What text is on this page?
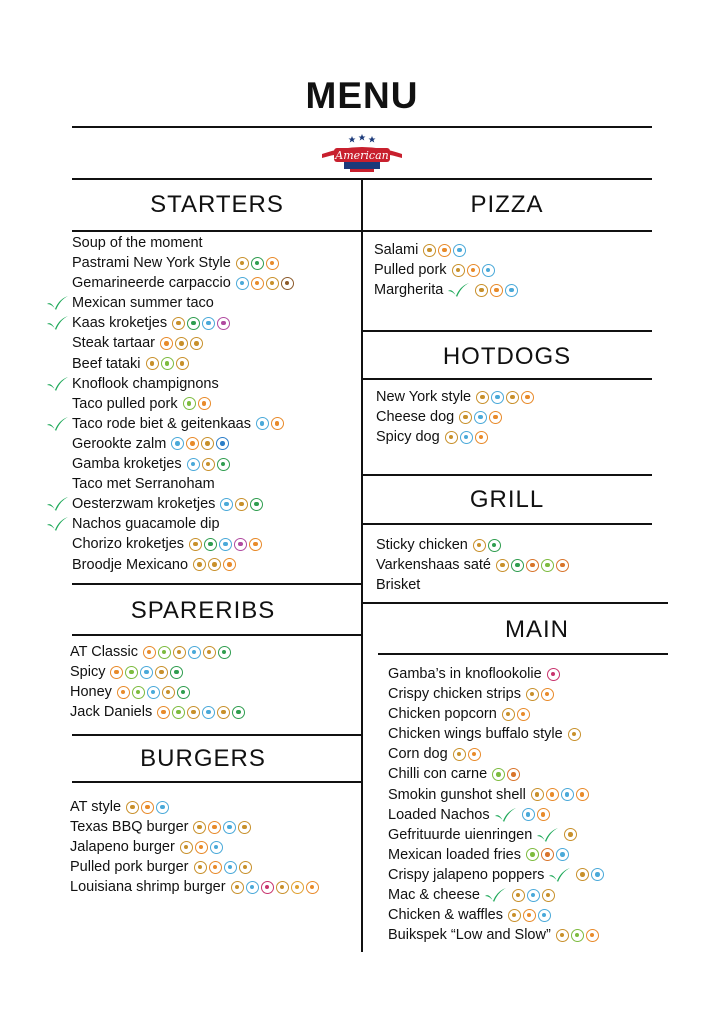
MENU
American
STARTERS
Soup of the moment
Pastrami New York Style
Gemarineerde carpaccio
Mexican summer taco
Kaas kroketjes
Steak tartaar
Beef tataki
Knoflook champignons
Taco pulled pork
Taco rode biet & geitenkaas
Gerookte zalm
Gamba kroketjes
Taco met Serranoham
Oesterzwam kroketjes
Nachos guacamole dip
Chorizo kroketjes
Broodje Mexicano
SPARERIBS
AT Classic
Spicy
Honey
Jack Daniels
BURGERS
AT style
Texas BBQ burger
Jalapeno burger
Pulled pork burger
Louisiana shrimp burger
PIZZA
Salami
Pulled pork
Margherita
HOTDOGS
New York style
Cheese dog
Spicy dog
GRILL
Sticky chicken
Varkenshaas saté
Brisket
MAIN
Gamba’s in knoflookolie
Crispy chicken strips
Chicken popcorn
Chicken wings buffalo style
Corn dog
Chilli con carne
Smokin gunshot shell
Loaded Nachos
Gefrituurde uienringen
Mexican loaded fries
Crispy jalapeno poppers
Mac & cheese
Chicken & waffles
Buikspek “Low and Slow”
